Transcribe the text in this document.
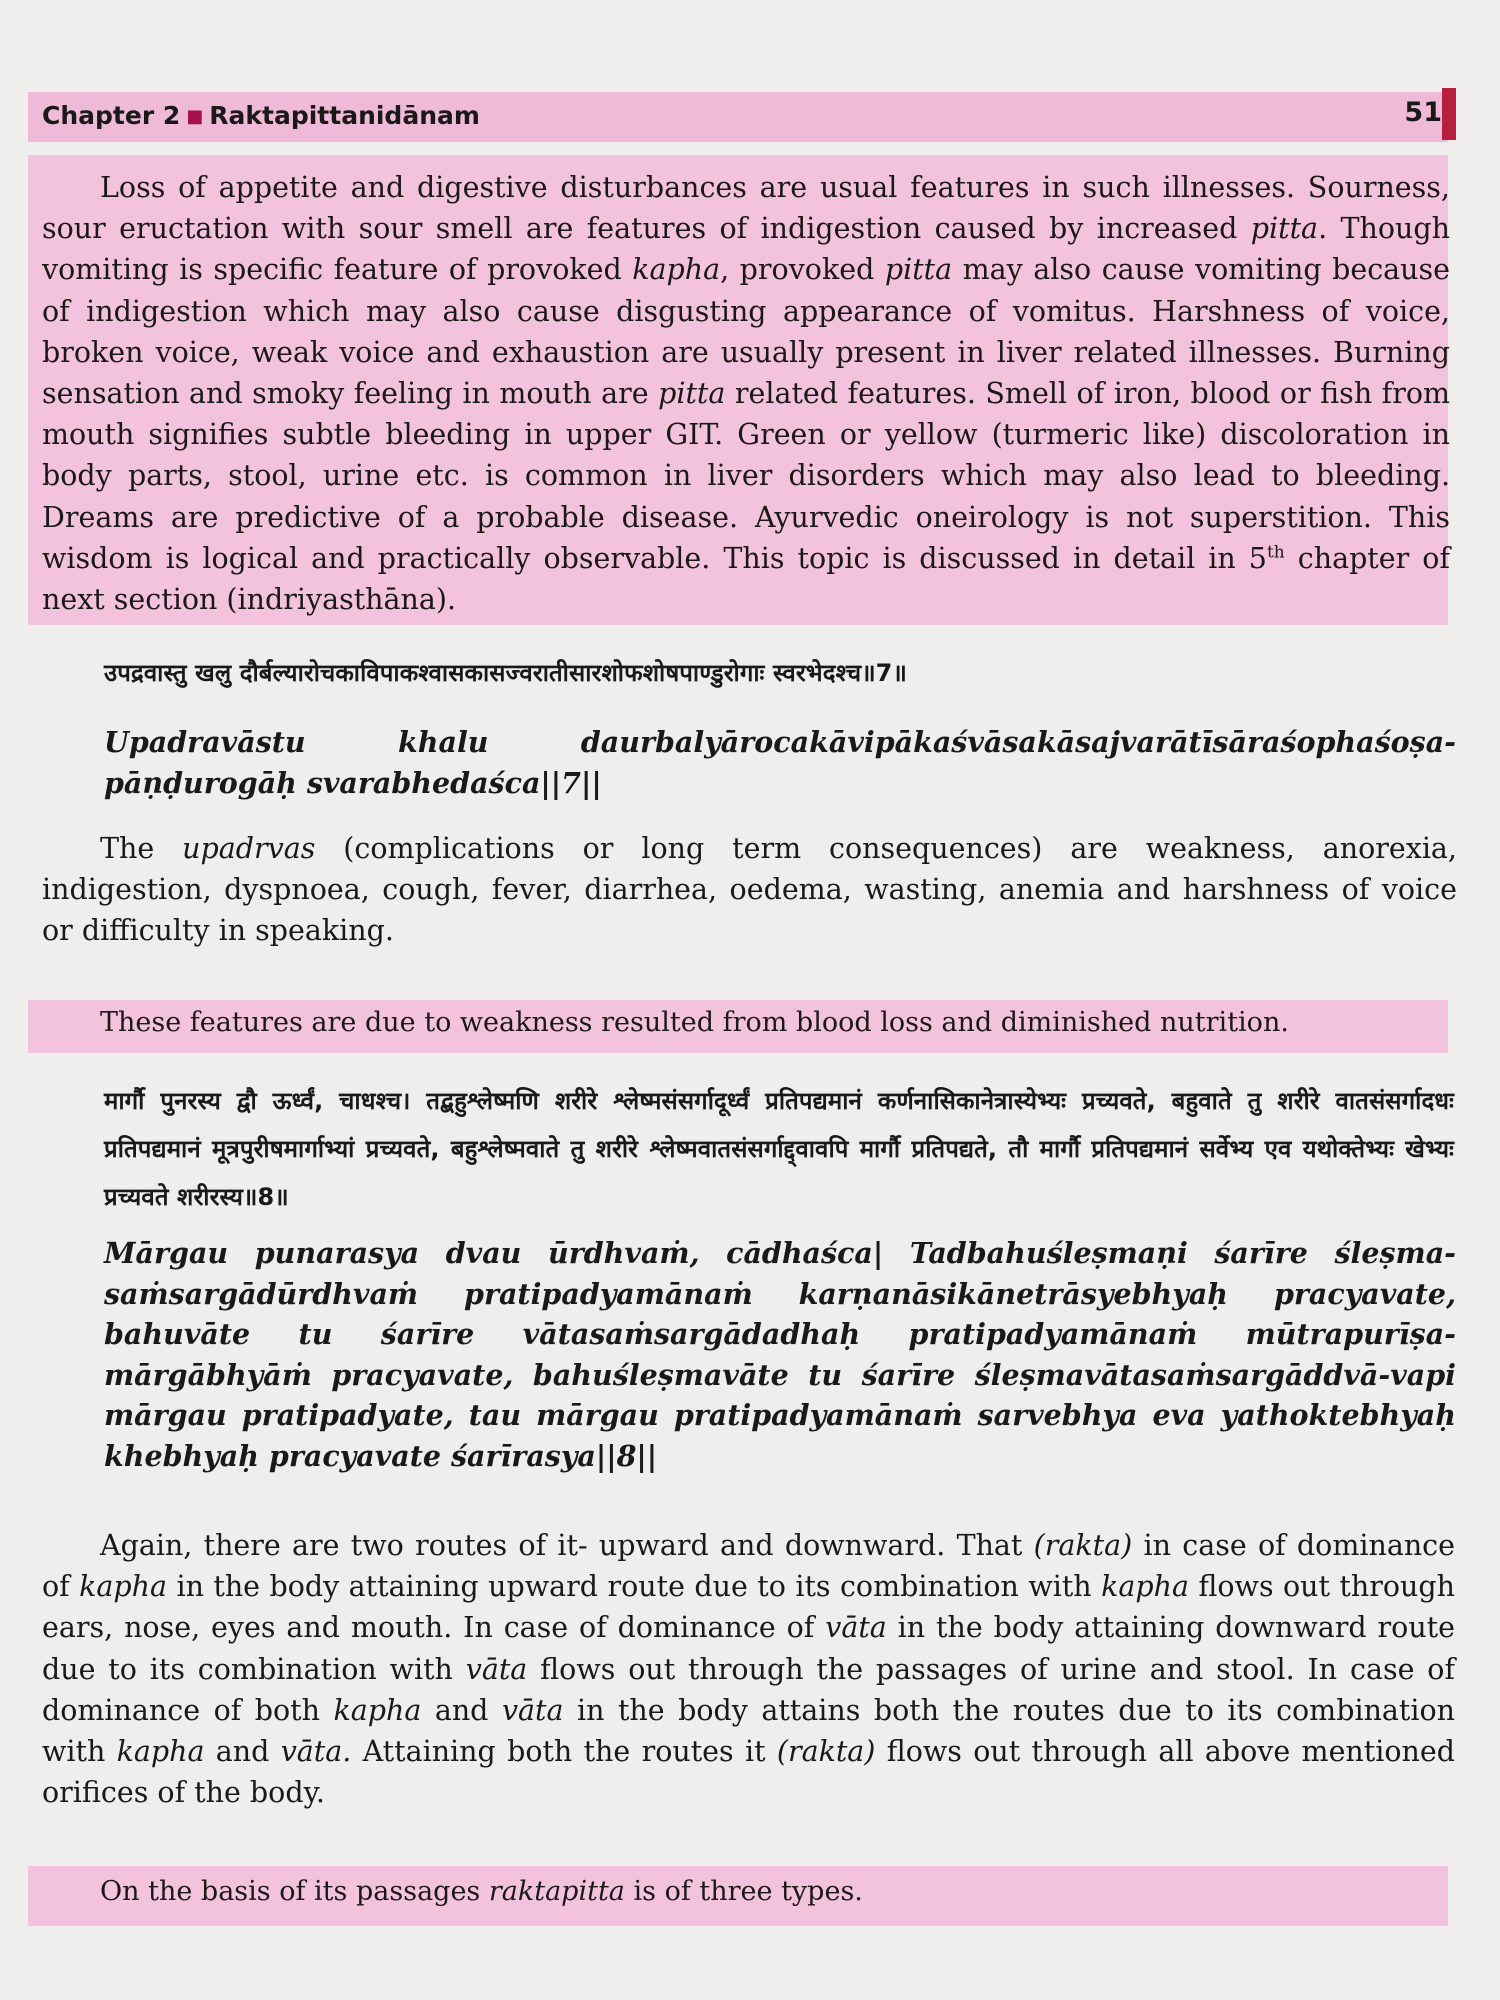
Chapter 2 ■ Raktapittanidānam	51

Loss of appetite and digestive disturbances are usual features in such illnesses. Sourness, sour eructation with sour smell are features of indigestion caused by increased pitta. Though vomiting is specific feature of provoked kapha, provoked pitta may also cause vomiting because of indigestion which may also cause disgusting appearance of vomitus. Harshness of voice, broken voice, weak voice and exhaustion are usually present in liver related illnesses. Burning sensation and smoky feeling in mouth are pitta related features. Smell of iron, blood or fish from mouth signifies subtle bleeding in upper GIT. Green or yellow (turmeric like) discoloration in body parts, stool, urine etc. is common in liver disorders which may also lead to bleeding. Dreams are predictive of a probable disease. Ayurvedic oneirology is not superstition. This wisdom is logical and practically observable. This topic is discussed in detail in 5th chapter of next section (indriyasthāna).

उपद्रवास्तु खलु दौर्बल्यारोचकाविपाकश्वासकासज्वरातीसारशोफशोषपाण्डुरोगाः स्वरभेदश्च॥7॥
Upadravāstu khalu daurbalyārocakāvipākaśvāsakāsajvarātīsāraśophaśoṣa-pāṇḍurogāḥ svarabhedaśca||7||

The upadrvas (complications or long term consequences) are weakness, anorexia, indigestion, dyspnoea, cough, fever, diarrhea, oedema, wasting, anemia and harshness of voice or difficulty in speaking.

These features are due to weakness resulted from blood loss and diminished nutrition.

मार्गौ पुनरस्य द्वौ ऊर्ध्वं, चाधश्च। तद्बहुश्लेष्मणि शरीरे श्लेष्मसंसर्गादूर्ध्वं प्रतिपद्यमानं कर्णनासिकानेत्रास्येभ्यः प्रच्यवते, बहुवाते तु शरीरे वातसंसर्गादधः प्रतिपद्यमानं मूत्रपुरीषमार्गाभ्यां प्रच्यवते, बहुश्लेष्मवाते तु शरीरे श्लेष्मवातसंसर्गाद्द्वावपि मार्गौ प्रतिपद्यते, तौ मार्गौ प्रतिपद्यमानं सर्वेभ्य एव यथोक्तेभ्यः खेभ्यः प्रच्यवते शरीरस्य॥8॥
Mārgau punarasya dvau ūrdhvaṁ, cādhaśca| Tadbahuśleṣmaṇi śarīre śleṣma-saṁsargādūrdhvaṁ pratipadyamānaṁ karṇanāsikānetrāsyebhyaḥ pracyavate, bahuvāte tu śarīre vātasaṁsargādadhaḥ pratipadyamānaṁ mūtrapurīṣa-mārgābhyāṁ pracyavate, bahuśleṣmavāte tu śarīre śleṣmavātasaṁsargāddvā-vapi mārgau pratipadyate, tau mārgau pratipadyamānaṁ sarvebhya eva yathoktebhyaḥ khebhyaḥ pracyavate śarīrasya||8||

Again, there are two routes of it- upward and downward. That (rakta) in case of dominance of kapha in the body attaining upward route due to its combination with kapha flows out through ears, nose, eyes and mouth. In case of dominance of vāta in the body attaining downward route due to its combination with vāta flows out through the passages of urine and stool. In case of dominance of both kapha and vāta in the body attains both the routes due to its combination with kapha and vāta. Attaining both the routes it (rakta) flows out through all above mentioned orifices of the body.

On the basis of its passages raktapitta is of three types.
